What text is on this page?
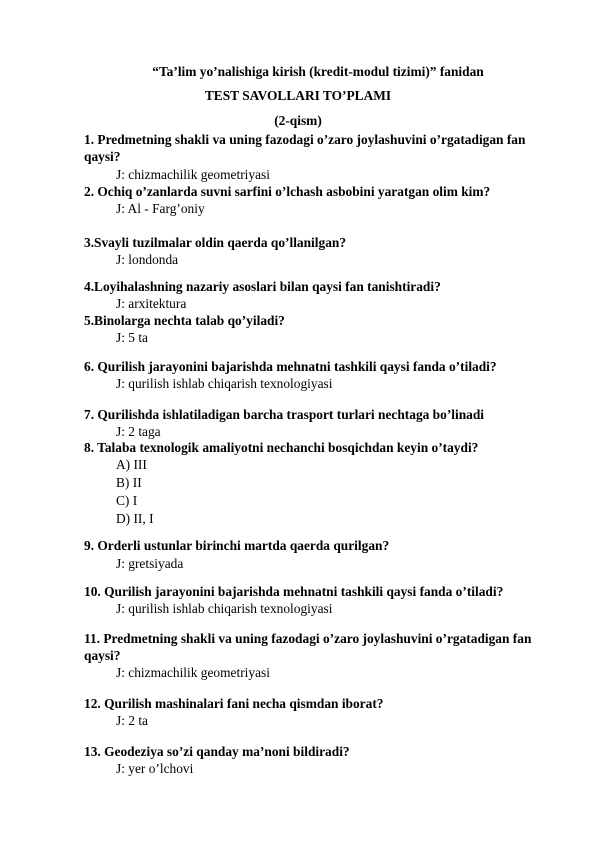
“Ta’lim yo’nalishiga kirish (kredit-modul tizimi)” fanidan
TEST SAVOLLARI TO’PLAMI
(2-qism)
1. Predmetning shakli va uning fazodagi o’zaro joylashuvini o’rgatadigan fan qaysi?
J: chizmachilik geometriyasi
2. Ochiq o’zanlarda suvni sarfini o’lchash asbobini yaratgan olim kim?
J: Al - Farg’oniy
3.Svayli tuzilmalar oldin qaerda qo’llanilgan?
J: londonda
4.Loyihalashning nazariy asoslari bilan qaysi fan tanishtiradi?
J: arxitektura
5.Binolarga nechta talab qo’yiladi?
J: 5 ta
6. Qurilish jarayonini bajarishda mehnatni tashkili qaysi fanda o’tiladi?
J: qurilish ishlab chiqarish texnologiyasi
7. Qurilishda ishlatiladigan barcha trasport turlari nechtaga bo’linadi
J: 2 taga
8. Talaba texnologik amaliyotni nechanchi bosqichdan keyin o’taydi?
A) III
B) II
C) I
D) II, I
9. Orderli ustunlar birinchi martda qaerda qurilgan?
J: gretsiyada
10. Qurilish jarayonini bajarishda mehnatni tashkili qaysi fanda o’tiladi?
J: qurilish ishlab chiqarish texnologiyasi
11. Predmetning shakli va uning fazodagi o’zaro joylashuvini o’rgatadigan fan qaysi?
J: chizmachilik geometriyasi
12. Qurilish mashinalari fani necha qismdan iborat?
J: 2 ta
13. Geodeziya so’zi qanday ma’noni bildiradi?
J: yer o’lchovi
